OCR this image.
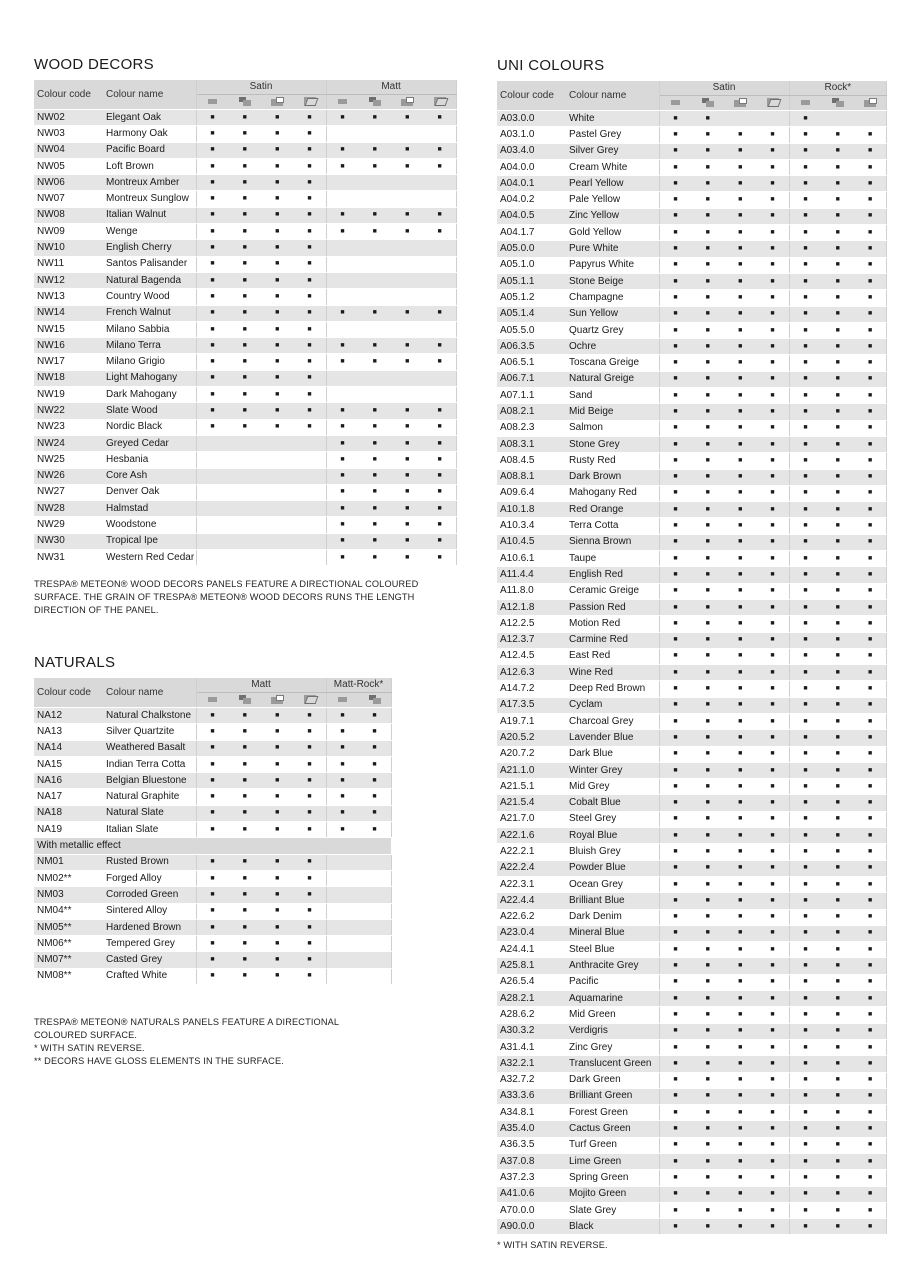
WOOD DECORS
Colour code	Colour name	Satin				Matt			

NW02	Elegant Oak	■	■	■	■	■	■	■	■
NW03	Harmony Oak	■	■	■	■				
NW04	Pacific Board	■	■	■	■	■	■	■	■
NW05	Loft Brown	■	■	■	■	■	■	■	■
NW06	Montreux Amber	■	■	■	■				
NW07	Montreux Sunglow	■	■	■	■				
NW08	Italian Walnut	■	■	■	■	■	■	■	■
NW09	Wenge	■	■	■	■	■	■	■	■
NW10	English Cherry	■	■	■	■				
NW11	Santos Palisander	■	■	■	■				
NW12	Natural Bagenda	■	■	■	■				
NW13	Country Wood	■	■	■	■				
NW14	French Walnut	■	■	■	■	■	■	■	■
NW15	Milano Sabbia	■	■	■	■				
NW16	Milano Terra	■	■	■	■	■	■	■	■
NW17	Milano Grigio	■	■	■	■	■	■	■	■
NW18	Light Mahogany	■	■	■	■				
NW19	Dark Mahogany	■	■	■	■				
NW22	Slate Wood	■	■	■	■	■	■	■	■
NW23	Nordic Black	■	■	■	■	■	■	■	■
NW24	Greyed Cedar					■	■	■	■
NW25	Hesbania					■	■	■	■
NW26	Core Ash					■	■	■	■
NW27	Denver Oak					■	■	■	■
NW28	Halmstad					■	■	■	■
NW29	Woodstone					■	■	■	■
NW30	Tropical Ipe					■	■	■	■
NW31	Western Red Cedar					■	■	■	■

TRESPA® METEON® WOOD DECORS PANELS FEATURE A DIRECTIONAL COLOURED SURFACE. THE GRAIN OF TRESPA® METEON® WOOD DECORS RUNS THE LENGTH DIRECTION OF THE PANEL.

NATURALS
Colour code	Colour name	Matt				Matt-Rock*	

NA12	Natural Chalkstone	■	■	■	■	■	■
NA13	Silver Quartzite	■	■	■	■	■	■
NA14	Weathered Basalt	■	■	■	■	■	■
NA15	Indian Terra Cotta	■	■	■	■	■	■
NA16	Belgian Bluestone	■	■	■	■	■	■
NA17	Natural Graphite	■	■	■	■	■	■
NA18	Natural Slate	■	■	■	■	■	■
NA19	Italian Slate	■	■	■	■	■	■
With metallic effect							
NM01	Rusted Brown	■	■	■	■		
NM02**	Forged Alloy	■	■	■	■		
NM03	Corroded Green	■	■	■	■		
NM04**	Sintered Alloy	■	■	■	■		
NM05**	Hardened Brown	■	■	■	■		
NM06**	Tempered Grey	■	■	■	■		
NM07**	Casted Grey	■	■	■	■		
NM08**	Crafted White	■	■	■	■		
TRESPA® METEON® NATURALS PANELS FEATURE A DIRECTIONAL
COLOURED SURFACE.
* WITH SATIN REVERSE.
** DECORS HAVE GLOSS ELEMENTS IN THE SURFACE.
UNI COLOURS
Colour code	Colour name	Satin				Rock*		

A03.0.0	White	■	■			■		
A03.1.0	Pastel Grey	■	■	■	■	■	■	■
A03.4.0	Silver Grey	■	■	■	■	■	■	■
A04.0.0	Cream White	■	■	■	■	■	■	■
A04.0.1	Pearl Yellow	■	■	■	■	■	■	■
A04.0.2	Pale Yellow	■	■	■	■	■	■	■
A04.0.5	Zinc Yellow	■	■	■	■	■	■	■
A04.1.7	Gold Yellow	■	■	■	■	■	■	■
A05.0.0	Pure White	■	■	■	■	■	■	■
A05.1.0	Papyrus White	■	■	■	■	■	■	■
A05.1.1	Stone Beige	■	■	■	■	■	■	■
A05.1.2	Champagne	■	■	■	■	■	■	■
A05.1.4	Sun Yellow	■	■	■	■	■	■	■
A05.5.0	Quartz Grey	■	■	■	■	■	■	■
A06.3.5	Ochre	■	■	■	■	■	■	■
A06.5.1	Toscana Greige	■	■	■	■	■	■	■
A06.7.1	Natural Greige	■	■	■	■	■	■	■
A07.1.1	Sand	■	■	■	■	■	■	■
A08.2.1	Mid Beige	■	■	■	■	■	■	■
A08.2.3	Salmon	■	■	■	■	■	■	■
A08.3.1	Stone Grey	■	■	■	■	■	■	■
A08.4.5	Rusty Red	■	■	■	■	■	■	■
A08.8.1	Dark Brown	■	■	■	■	■	■	■
A09.6.4	Mahogany Red	■	■	■	■	■	■	■
A10.1.8	Red Orange	■	■	■	■	■	■	■
A10.3.4	Terra Cotta	■	■	■	■	■	■	■
A10.4.5	Sienna Brown	■	■	■	■	■	■	■
A10.6.1	Taupe	■	■	■	■	■	■	■
A11.4.4	English Red	■	■	■	■	■	■	■
A11.8.0	Ceramic Greige	■	■	■	■	■	■	■
A12.1.8	Passion Red	■	■	■	■	■	■	■
A12.2.5	Motion Red	■	■	■	■	■	■	■
A12.3.7	Carmine Red	■	■	■	■	■	■	■
A12.4.5	East Red	■	■	■	■	■	■	■
A12.6.3	Wine Red	■	■	■	■	■	■	■
A14.7.2	Deep Red Brown	■	■	■	■	■	■	■
A17.3.5	Cyclam	■	■	■	■	■	■	■
A19.7.1	Charcoal Grey	■	■	■	■	■	■	■
A20.5.2	Lavender Blue	■	■	■	■	■	■	■
A20.7.2	Dark Blue	■	■	■	■	■	■	■
A21.1.0	Winter Grey	■	■	■	■	■	■	■
A21.5.1	Mid Grey	■	■	■	■	■	■	■
A21.5.4	Cobalt Blue	■	■	■	■	■	■	■
A21.7.0	Steel Grey	■	■	■	■	■	■	■
A22.1.6	Royal Blue	■	■	■	■	■	■	■
A22.2.1	Bluish Grey	■	■	■	■	■	■	■
A22.2.4	Powder Blue	■	■	■	■	■	■	■
A22.3.1	Ocean Grey	■	■	■	■	■	■	■
A22.4.4	Brilliant Blue	■	■	■	■	■	■	■
A22.6.2	Dark Denim	■	■	■	■	■	■	■
A23.0.4	Mineral Blue	■	■	■	■	■	■	■
A24.4.1	Steel Blue	■	■	■	■	■	■	■
A25.8.1	Anthracite Grey	■	■	■	■	■	■	■
A26.5.4	Pacific	■	■	■	■	■	■	■
A28.2.1	Aquamarine	■	■	■	■	■	■	■
A28.6.2	Mid Green	■	■	■	■	■	■	■
A30.3.2	Verdigris	■	■	■	■	■	■	■
A31.4.1	Zinc Grey	■	■	■	■	■	■	■
A32.2.1	Translucent Green	■	■	■	■	■	■	■
A32.7.2	Dark Green	■	■	■	■	■	■	■
A33.3.6	Brilliant Green	■	■	■	■	■	■	■
A34.8.1	Forest Green	■	■	■	■	■	■	■
A35.4.0	Cactus Green	■	■	■	■	■	■	■
A36.3.5	Turf Green	■	■	■	■	■	■	■
A37.0.8	Lime Green	■	■	■	■	■	■	■
A37.2.3	Spring Green	■	■	■	■	■	■	■
A41.0.6	Mojito Green	■	■	■	■	■	■	■
A70.0.0	Slate Grey	■	■	■	■	■	■	■
A90.0.0	Black	■	■	■	■	■	■	■

* WITH SATIN REVERSE.
